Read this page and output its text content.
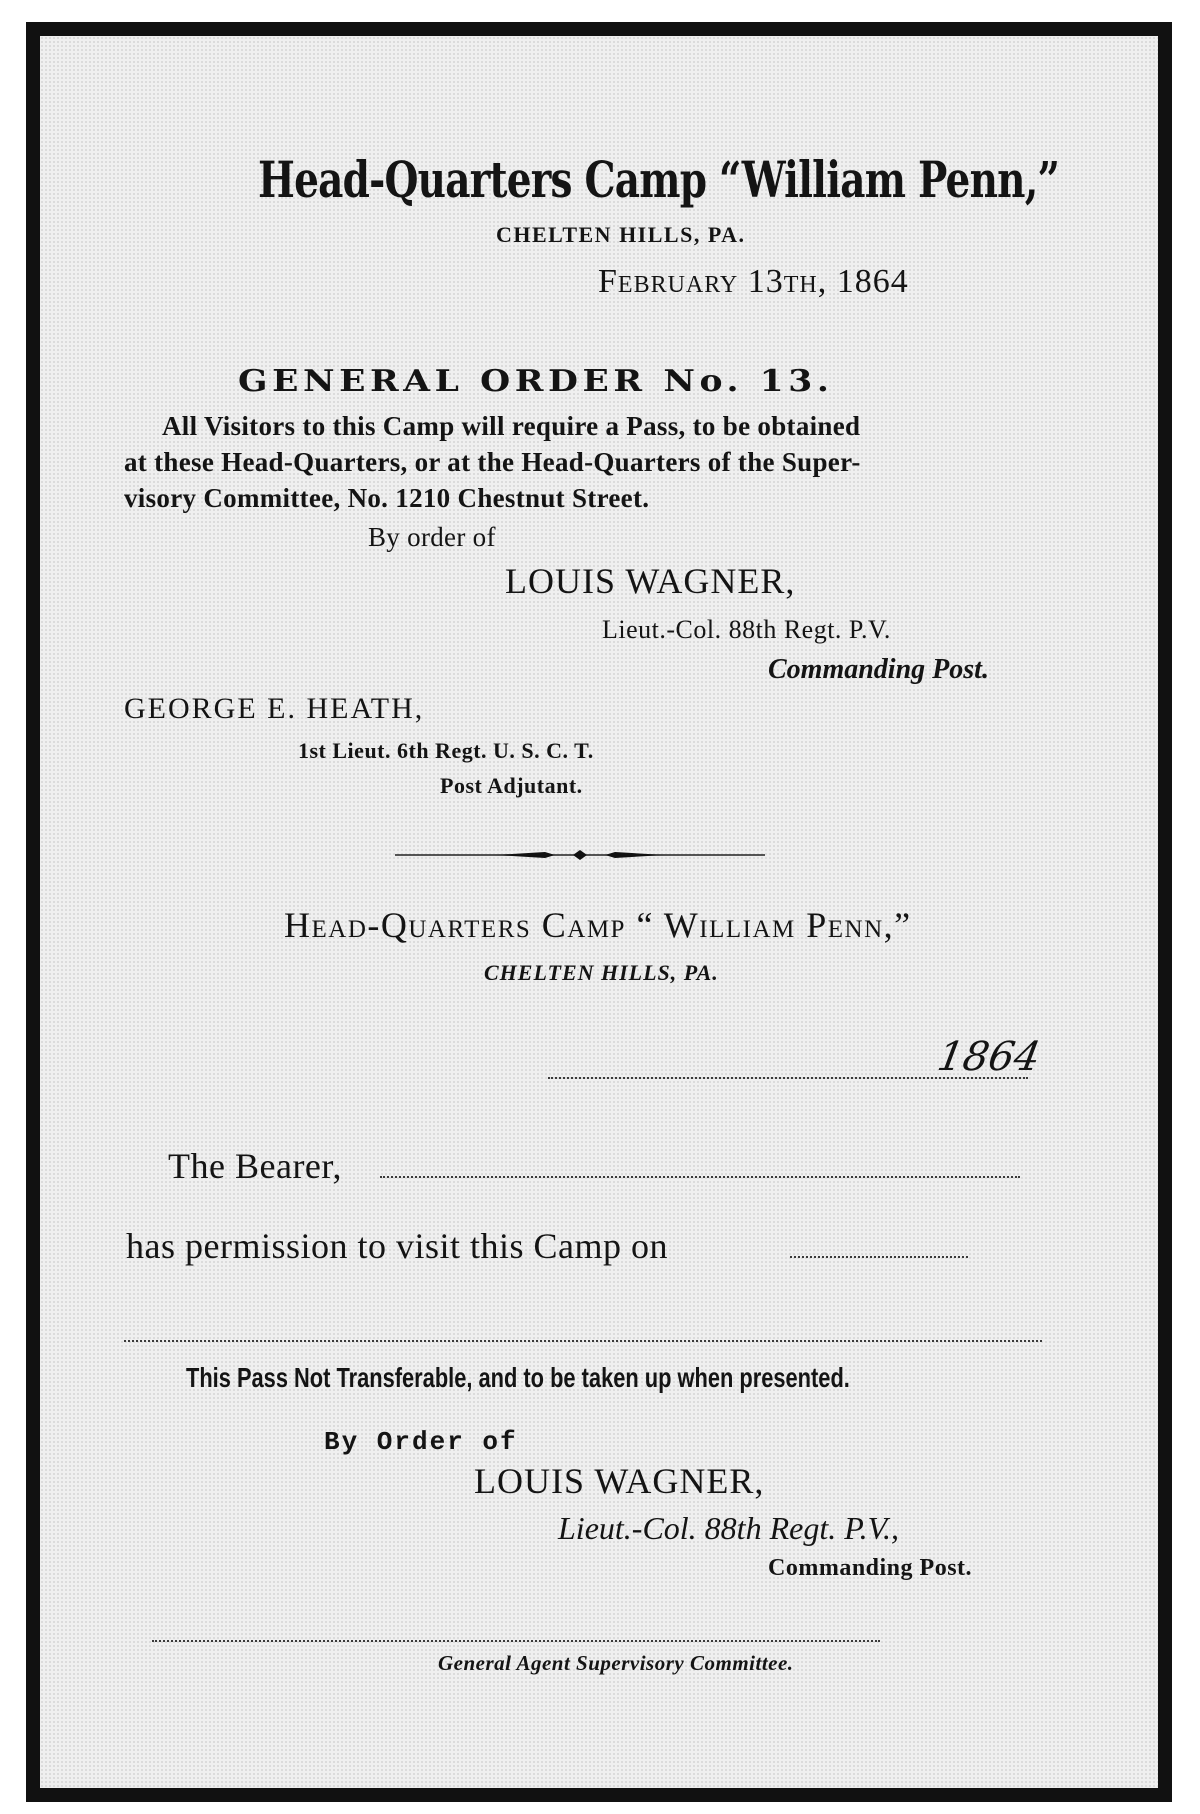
Head-Quarters Camp “William Penn,”
CHELTEN HILLS, PA.
February 13th, 1864
GENERAL ORDER No. 13.
All Visitors to this Camp will require a Pass, to be obtained
at these Head-Quarters, or at the Head-Quarters of the Super-
visory Committee, No. 1210 Chestnut Street.
By order of
LOUIS WAGNER,
Lieut.-Col. 88th Regt. P.V.
Commanding Post.
GEORGE E. HEATH,
1st Lieut. 6th Regt. U. S. C. T.
Post Adjutant.
Head-Quarters Camp “ William Penn,”
CHELTEN HILLS, PA.
1864
The Bearer,
has permission to visit this Camp on
This Pass Not Transferable, and to be taken up when presented.
By Order of
LOUIS WAGNER,
Lieut.-Col. 88th Regt. P.V.,
Commanding Post.
General Agent Supervisory Committee.
